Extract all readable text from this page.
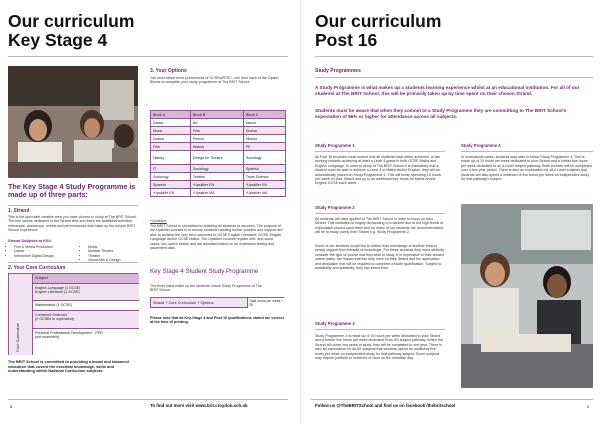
Our curriculum
Key Stage 4
The Key Stage 4 Study Programme is made up of three parts:
1. Strand
This is the specialist creative area you have chosen to study at The BRIT School. The four weeks dedicated to the Strand time and there are additional activities, rehearsals, workshops, events and performances that make up the unique BRIT School experience.
Strand Subjects at KS4
• Film & Media Production
• Dance
• Interactive Digital Design
• Music
• Musical Theatre
• Theatre
• Visual Arts & Design
2. Your Core Curriculum
Core Curriculum
Subject
English Language (1 GCSE)
English Literature (1 GCSE)
Mathematics (1 GCSE)
Combined Sciences
(2 GCSEs or equivalent)
Personal Professional Development - PPD
(not examined)
The BRIT School is committed to providing a broad and balanced education that covers the essential knowledge, skills and understanding within National Curriculum subjects.
3. Your Options
You must select three preferences of GCSEs/BTEC, one from each of the Option Blocks to complete your study programme at The BRIT School.
Block A	Block B	Block C
Dance	Art	Dance
Music	Film	Drama
Drama	French	History
Film	History	PE
History	Design for Theatre	Sociology
IT	Sociology	Spanish
Sociology	Textiles	Triple Science
Spanish	*Upskiller EN	*Upskiller EN
*Upskiller EN	*Upskiller MA	*Upskiller MA
*Upskiller
The BRIT School is committed to enabling all students to succeed. The purpose of the Upskiller courses is to ensure students needing further practice and support are able to achieve the very best outcomes in GCSE English Literature, GCSE English Language and/or GCSE Maths. The Upskiller courses replace one, and some cases, two option blocks and are allocated based on an evaluation testing and placement data.
Key Stage 4 Student Study Programme
The three parts make up the students' whole Study Programme at The BRIT School.
Strand + Core Curriculum + Options	Total hours per week = 25
Please note that all Key Stage 4 and Post 16 qualifications stated are correct at the time of printing.
8	To find out more visit www.brit.croydon.sch.uk
Our curriculum
Post 16
Study Programmes
A Study Programme is what makes up a students learning experience whilst at an educational institution. For all of our students at The BRIT School, this will be primarily taken up by time spent on their chosen Strand.
Students must be aware that when they commit to a Study Programme they are committing to The BRIT School's expectation of 96% or higher for attendance across all subjects.
Study Programme 1
All Post 16 provision must ensure that all students have either achieved, or are working towards achieving at least a Level 4 grade in both GCSE Maths and English Language. In order to study at The BRIT School it is mandatory that a student must be able to achieve a Level 4 in Maths and/or English, they will be automatically placed on Study Programme 1. This will mean spending 15 hours per week on their Strand and up to an additional four hours on Maths and/or English GCSE each week.
Study Programme 4
In exceptional cases, students may wish to follow Study Programme 4. This is made up of 15 hours per week dedicated to your Strand and a further five hours per week dedicated to an A Level subject pathway. Both courses will be completed over a two year period. There is also an expectation for all A Level subjects that students will also spend a minimum of five hours per week on independent study for that pathway's subject.
Study Programme 2
All students will have applied to The BRIT School in order to focus on their Strand. This institution is hugely demanding of a student due to the high levels of expectation placed upon them and for many of our students the recommendation will be to study purely their Strand e.g. Study Programme 2.
Some of our students would like to further their knowledge of another area or simply support their breadth of knowledge. For these students they must carefully consider the type of course that they wish to study. It is imperative to their chosen career paths, the impact that this may have on their Strand and the application and dedication that will be required to complete a fourth qualification. Subject to availability and suitability, they can select from:
Study Programme 3
Study Programme 3 is made up of 15 hours per week dedicated to your Strand and a further five hours per week dedicated to an AS subject pathway. Whilst the Strand will cover two years of study, they will be completed in one year. There is also an expectation for all AS subjects that students spend an additional five hours per week on independent study for that pathway subject. Some subjects may require portfolio or evidence of work on the induction day.
Follow us @TheBRITSchool and find us on facebook /thebritschool	9
